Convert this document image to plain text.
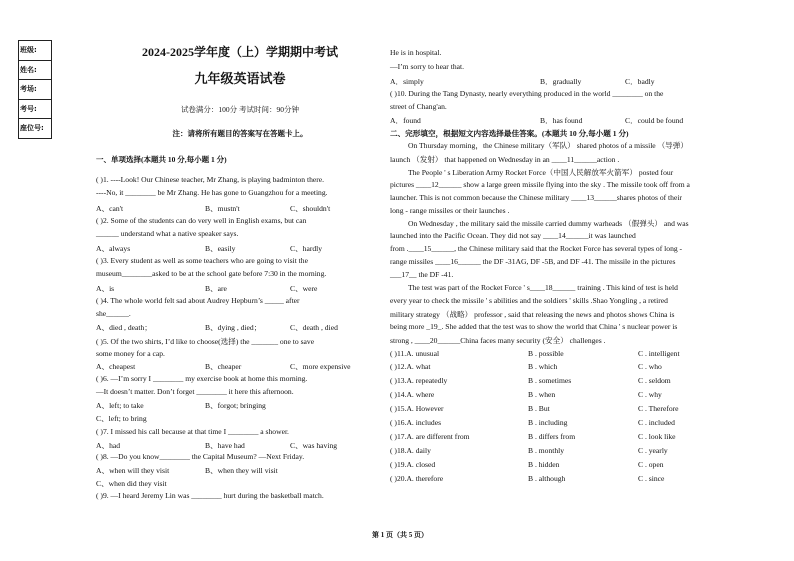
班级:
姓名:
考场:
考号:
座位号:
2024-2025学年度（上）学期期中考试
九年级英语试卷
试卷满分：100分 考试时间：90分钟
注：请将所有题目的答案写在答题卡上。
一、单项选择(本题共 10 分,每小题 1 分)
( )1. ----Look! Our Chinese teacher, Mr Zhang, is playing badminton there.
----No, it ________ be Mr Zhang. He has gone to Guangzhou for a meeting.
A、can't	B、mustn't	C、shouldn't
( )2. Some of the students can do very well in English exams, but can
______ understand what a native speaker says.
A、always	B、easily	C、hardly
( )3. Every student as well as some teachers who are going to visit the
museum________asked to be at the school gate before 7:30 in the morning.
A、is	B、are	C、were
( )4. The whole world felt sad about Audrey Hepburn’s _____ after
she______.
A、died , death；	B、dying , died；	C、death , died
( )5. Of the two shirts, I’d like to choose(选择) the _______ one to save
some money for a cap.
A、cheapest	B、cheaper	C、more expensive
( )6. —I’m sorry I ________ my exercise book at home this morning.
—It doesn’t matter. Don’t forget ________ it here this afternoon.
A、left; to take	B、forgot; bringing
C、left; to bring
( )7. I missed his call because at that time I ________ a shower.
A、had	B、have had	C、was having
( )8. —Do you know________ the Capital Museum? —Next Friday.
A、when will they visit	B、when they will visit
C、when did they visit
( )9. —I heard Jeremy Lin was ________ hurt during the basketball match.
He is in hospital.
—I’m sorry to hear that.
A．simply	B．gradually	C．badly
( )10. During the Tang Dynasty, nearly everything produced in the world ________ on the
street of Chang'an.
A．found	B．has found	C．could be found
二、完形填空，根据短文内容选择最佳答案。(本题共 10 分,每小题 1 分)
On Thursday morning，the Chinese military（军队） shared photos of a missile （导弹）
launch （发射） that happened on Wednesday in an ____11______action .
The People ' s Liberation Army Rocket Force（中国人民解放军火箭军） posted four
pictures ____12______ show a large green missile flying into the sky . The missile took off from a
launcher. This is not common because the Chinese military ____13______shares photos of their
long - range missiles or their launches .
On Wednesday , the military said the missile carried dummy warheads （假弹头） and was
launched into the Pacific Ocean. They did not say ____14______it was launched
from .____15______, the Chinese military said that the Rocket Force has several types of long -
range missiles ____16______ the DF -31AG, DF -5B, and DF -41. The missile in the pictures
___17__ the DF -41.
The test was part of the Rocket Force ' s____18______ training . This kind of test is held
every year to check the missile ' s abilities and the soldiers ' skills .Shao Yongling , a retired
military strategy （战略） professor , said that releasing the news and photos shows China is
being more _19_. She added that the test was to show the world that China ' s nuclear power is
strong , ____20______China faces many security (安全） challenges .
( )11.A. unusual	B . possible	C . intelligent
( )12.A. what	B . which	C . who
( )13.A. repeatedly	B . sometimes	C . seldom
( )14.A. where	B . when	C . why
( )15.A. However	B . But	C . Therefore
( )16.A. includes	B . including	C . included
( )17.A. are different from	B . differs from	C . look like
( )18.A. daily	B . monthly	C . yearly
( )19.A. closed	B . hidden	C . open
( )20.A. therefore	B . although	C . since
第 1 页（共 5 页）
